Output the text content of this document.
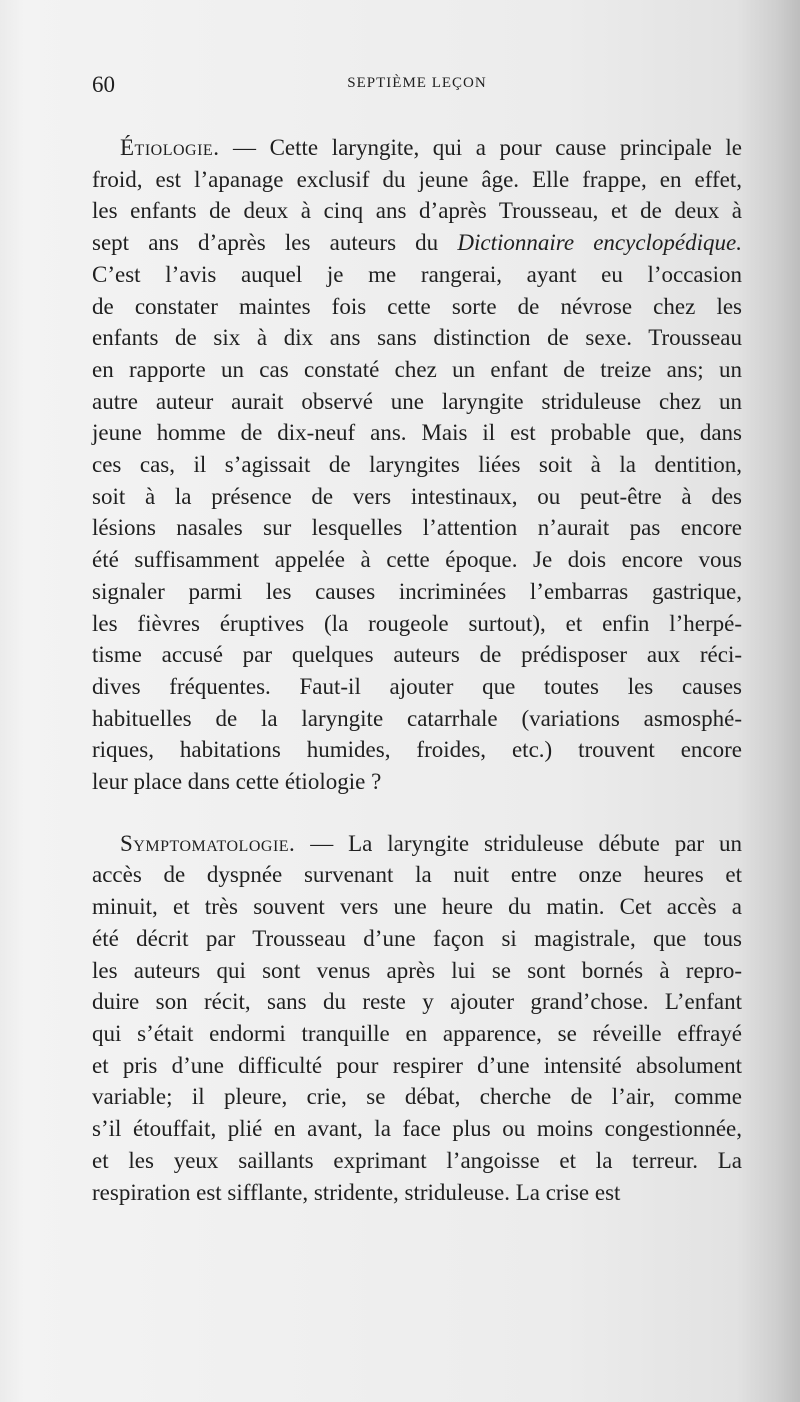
60	SEPTIÈME LEÇON

Étiologie. — Cette laryngite, qui a pour cause principale le
froid, est l’apanage exclusif du jeune âge. Elle frappe, en effet,
les enfants de deux à cinq ans d’après Trousseau, et de deux à
sept ans d’après les auteurs du Dictionnaire encyclopédique.
C’est l’avis auquel je me rangerai, ayant eu l’occasion
de constater maintes fois cette sorte de névrose chez les
enfants de six à dix ans sans distinction de sexe. Trousseau
en rapporte un cas constaté chez un enfant de treize ans; un
autre auteur aurait observé une laryngite striduleuse chez un
jeune homme de dix-neuf ans. Mais il est probable que, dans
ces cas, il s’agissait de laryngites liées soit à la dentition,
soit à la présence de vers intestinaux, ou peut-être à des
lésions nasales sur lesquelles l’attention n’aurait pas encore
été suffisamment appelée à cette époque. Je dois encore vous
signaler parmi les causes incriminées l’embarras gastrique,
les fièvres éruptives (la rougeole surtout), et enfin l’herpé-
tisme accusé par quelques auteurs de prédisposer aux réci-
dives fréquentes. Faut-il ajouter que toutes les causes
habituelles de la laryngite catarrhale (variations asmosphé-
riques, habitations humides, froides, etc.) trouvent encore
leur place dans cette étiologie ?

Symptomatologie. — La laryngite striduleuse débute par un
accès de dyspnée survenant la nuit entre onze heures et
minuit, et très souvent vers une heure du matin. Cet accès a
été décrit par Trousseau d’une façon si magistrale, que tous
les auteurs qui sont venus après lui se sont bornés à repro-
duire son récit, sans du reste y ajouter grand’chose. L’enfant
qui s’était endormi tranquille en apparence, se réveille effrayé
et pris d’une difficulté pour respirer d’une intensité absolument
variable; il pleure, crie, se débat, cherche de l’air, comme
s’il étouffait, plié en avant, la face plus ou moins congestionnée,
et les yeux saillants exprimant l’angoisse et la terreur. La
respiration est sifflante, stridente, striduleuse. La crise est
